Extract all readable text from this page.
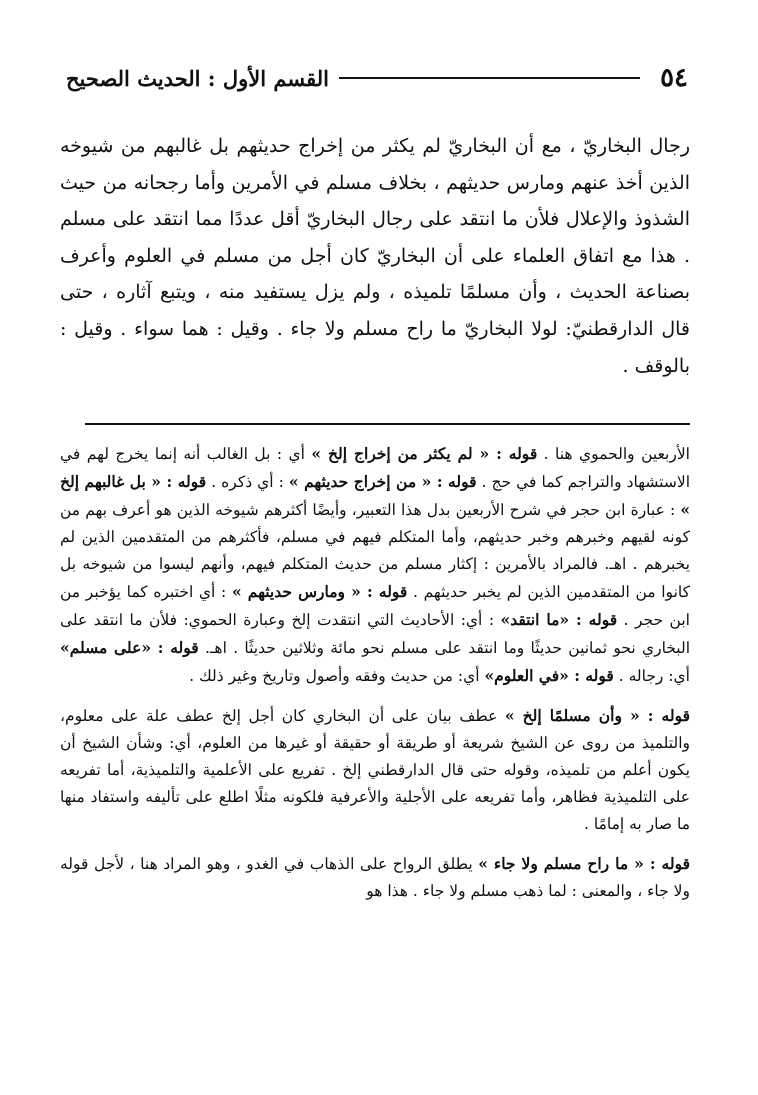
٥٤
القسم الأول : الحديث الصحيح

رجال البخاريّ ، مع أن البخاريّ لم يكثر من إخراج حديثهم بل غالبهم من شيوخه الذين أخذ عنهم ومارس حديثهم ، بخلاف مسلم في الأمرين وأما رجحانه من حيث الشذوذ والإعلال فلأن ما انتقد على رجال البخاريّ أقل عددًا مما انتقد على مسلم . هذا مع اتفاق العلماء على أن البخاريّ كان أجل من مسلم في العلوم وأعرف بصناعة الحديث ، وأن مسلمًا تلميذه ، ولم يزل يستفيد منه ، ويتبع آثاره ، حتى قال الدارقطنيّ: لولا البخاريّ ما راح مسلم ولا جاء . وقيل : هما سواء . وقيل : بالوقف .

الأربعين والحموي هنا . قوله : « لم يكثر من إخراج إلخ » أي : بل الغالب أنه إنما يخرج لهم في الاستشهاد والتراجم كما في حج . قوله : « من إخراج حديثهم » : أي ذكره . قوله : « بل غالبهم إلخ » : عبارة ابن حجر في شرح الأربعين بدل هذا التعبير، وأيضًا أكثرهم شيوخه الذين هو أعرف بهم من كونه لقيهم وخبرهم وخبر حديثهم، وأما المتكلم فيهم في مسلم، فأكثرهم من المتقدمين الذين لم يخبرهم . اهـ. فالمراد بالأمرين : إكثار مسلم من حديث المتكلم فيهم، وأنهم ليسوا من شيوخه بل كانوا من المتقدمين الذين لم يخبر حديثهم . قوله : « ومارس حديثهم » : أي اختبره كما يؤخبر من ابن حجر . قوله : «ما انتقد» : أي: الأحاديث التي انتقدت إلخ وعبارة الحموي: فلأن ما انتقد على البخاري نحو ثمانين حديثًا وما انتقد على مسلم نحو مائة وثلاثين حديثًا . اهـ. قوله : «على مسلم» أي: رجاله . قوله : «في العلوم» أي: من حديث وفقه وأصول وتاريخ وغير ذلك .

قوله : « وأن مسلمًا إلخ » عطف بيان على أن البخاري كان أجل إلخ عطف علة على معلوم، والتلميذ من روى عن الشيخ شريعة أو طريقة أو حقيقة أو غيرها من العلوم، أي: وشأن الشيخ أن يكون أعلم من تلميذه، وقوله حتى قال الدارقطني إلخ . تفريع على الأعلمية والتلميذية، أما تفريعه على التلميذية فظاهر، وأما تفريعه على الأجلية والأعرفية فلكونه مثلًا اطلع على تأليفه واستفاد منها ما صار به إمامًا .

قوله : « ما راح مسلم ولا جاء » يطلق الرواح على الذهاب في الغدو ، وهو المراد هنا ، لأجل قوله ولا جاء ، والمعنى : لما ذهب مسلم ولا جاء . هذا هو
